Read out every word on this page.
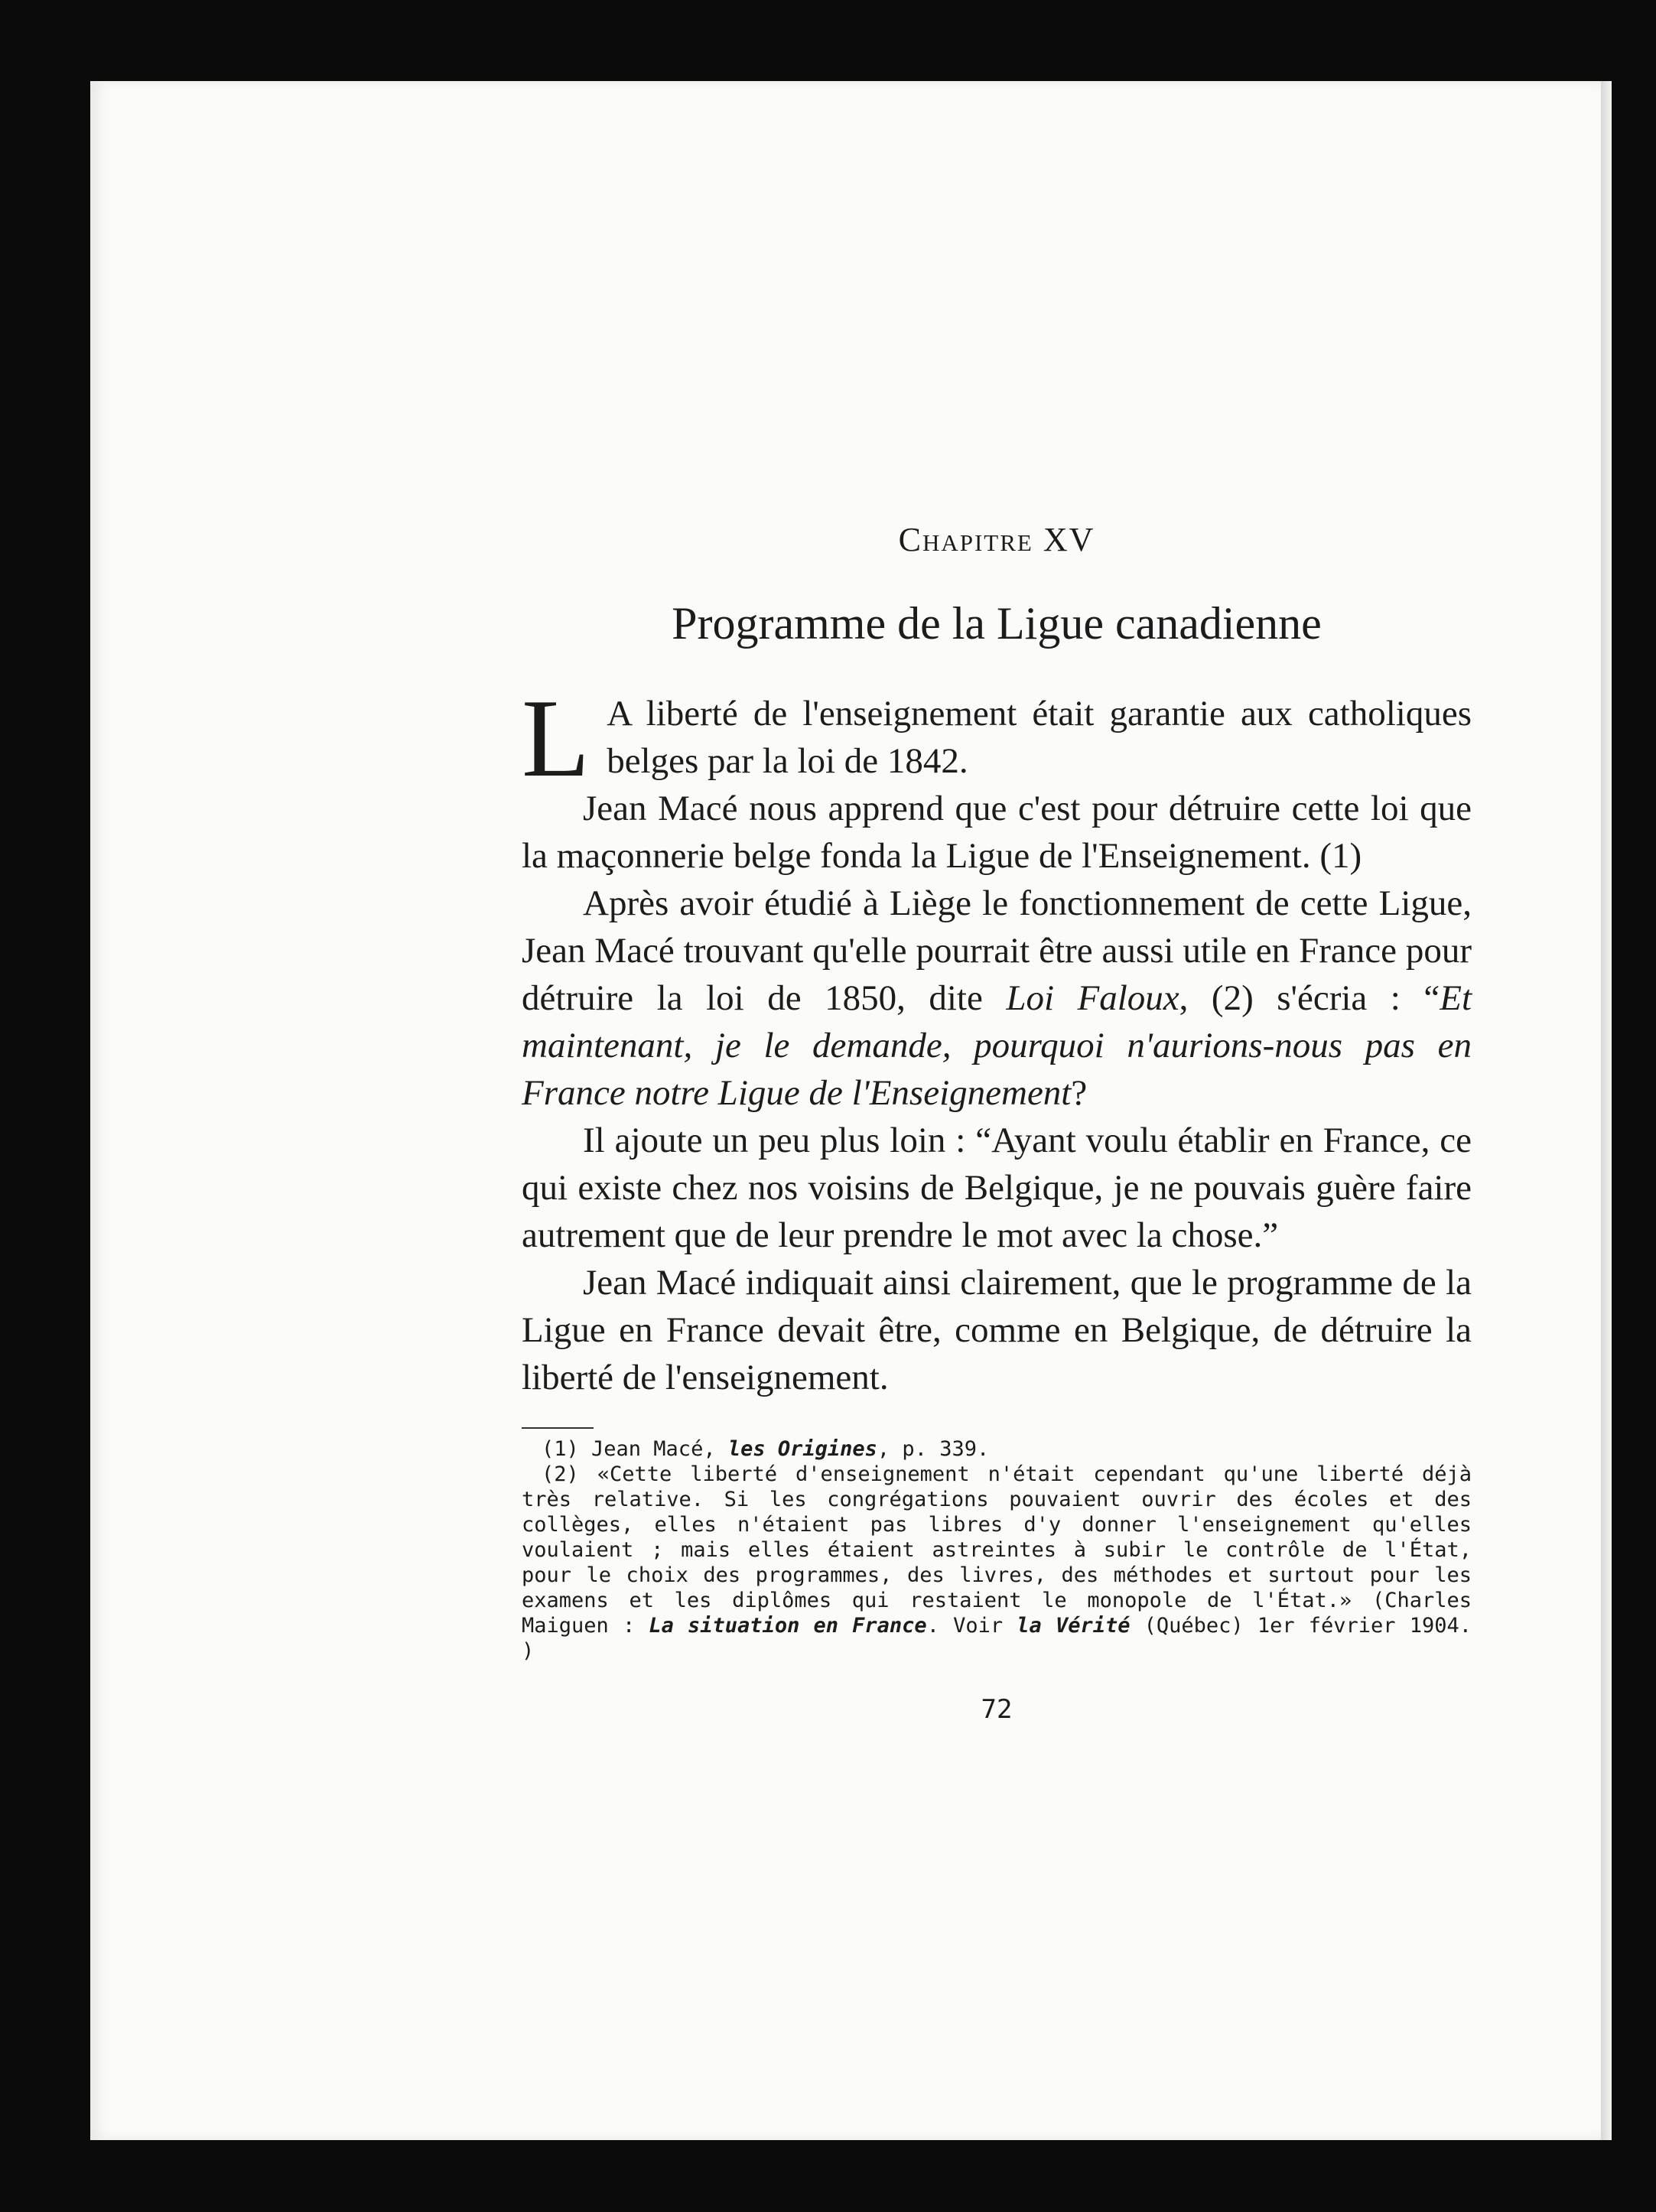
Chapitre XV
Programme de la Ligue canadienne

L A liberté de l'enseignement était garantie aux catholiques belges par la loi de 1842.

Jean Macé nous apprend que c'est pour détruire cette loi que la maçonnerie belge fonda la Ligue de l'Enseignement. (1)

Après avoir étudié à Liège le fonctionnement de cette Ligue, Jean Macé trouvant qu'elle pourrait être aussi utile en France pour détruire la loi de 1850, dite Loi Faloux, (2) s'écria : “Et maintenant, je le demande, pourquoi n'aurions-nous pas en France notre Ligue de l'Enseignement?

Il ajoute un peu plus loin : “Ayant voulu établir en France, ce qui existe chez nos voisins de Belgique, je ne pouvais guère faire autrement que de leur prendre le mot avec la chose.”

Jean Macé indiquait ainsi clairement, que le programme de la Ligue en France devait être, comme en Belgique, de détruire la liberté de l'enseignement.

(1) Jean Macé, les Origines, p. 339.

(2) «Cette liberté d'enseignement n'était cependant qu'une liberté déjà très relative. Si les congrégations pouvaient ouvrir des écoles et des collèges, elles n'étaient pas libres d'y donner l'enseignement qu'elles voulaient ; mais elles étaient astreintes à subir le contrôle de l'État, pour le choix des programmes, des livres, des méthodes et surtout pour les examens et les diplômes qui restaient le monopole de l'État.» (Charles Maiguen : La situation en France. Voir la Vérité (Québec) 1er février 1904. )

72
